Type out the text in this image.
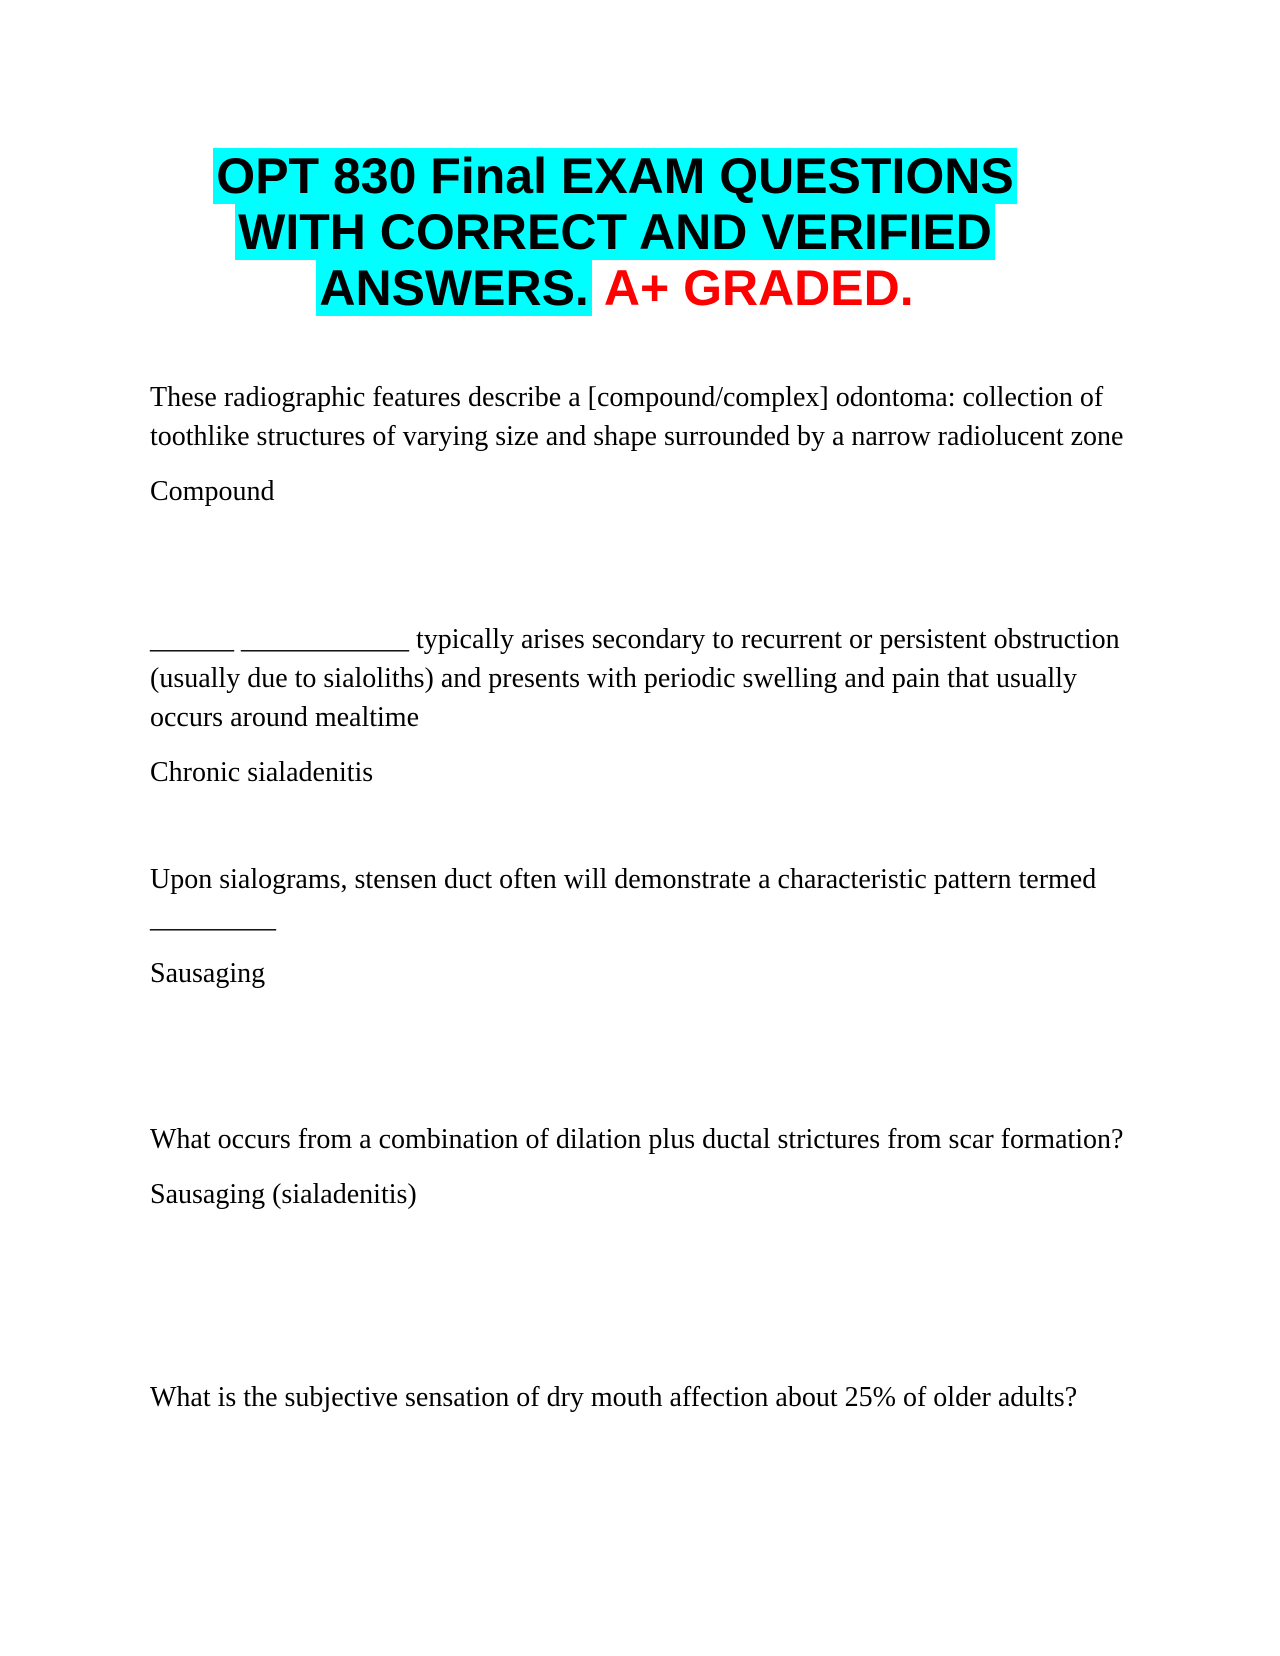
OPT 830 Final EXAM QUESTIONS
WITH CORRECT AND VERIFIED
ANSWERS. A+ GRADED.

These radiographic features describe a [compound/complex] odontoma: collection of toothlike structures of varying size and shape surrounded by a narrow radiolucent zone

Compound

______ ____________ typically arises secondary to recurrent or persistent obstruction (usually due to sialoliths) and presents with periodic swelling and pain that usually occurs around mealtime

Chronic sialadenitis

Upon sialograms, stensen duct often will demonstrate a characteristic pattern termed _________

Sausaging

What occurs from a combination of dilation plus ductal strictures from scar formation?

Sausaging (sialadenitis)

What is the subjective sensation of dry mouth affection about 25% of older adults?
